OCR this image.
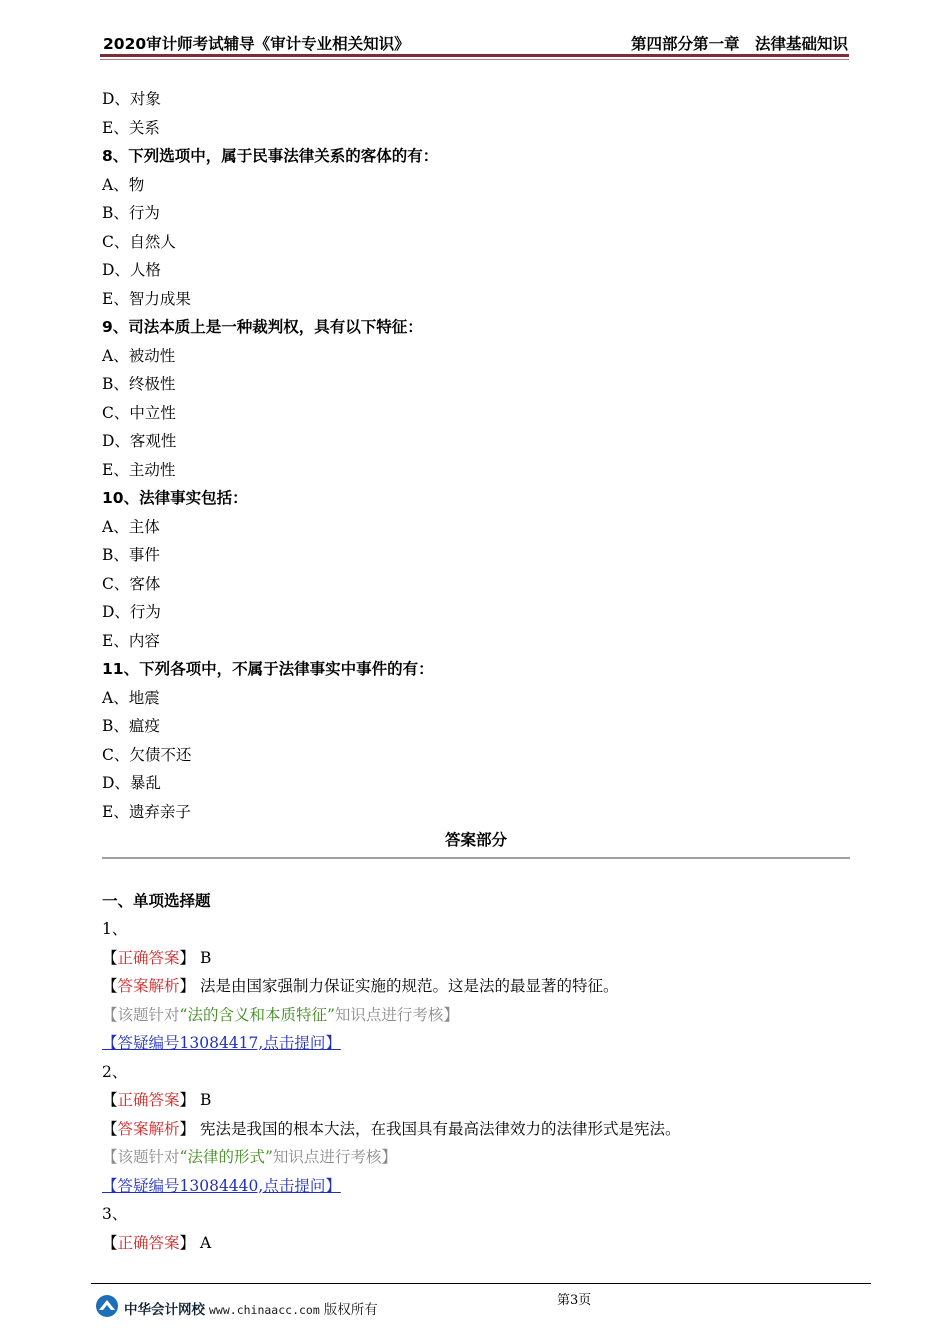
2020审计师考试辅导《审计专业相关知识》	第四部分第一章　法律基础知识
D、对象
E、关系
8、下列选项中，属于民事法律关系的客体的有：
A、物
B、行为
C、自然人
D、人格
E、智力成果
9、司法本质上是一种裁判权，具有以下特征：
A、被动性
B、终极性
C、中立性
D、客观性
E、主动性
10、法律事实包括：
A、主体
B、事件
C、客体
D、行为
E、内容
11、下列各项中，不属于法律事实中事件的有：
A、地震
B、瘟疫
C、欠债不还
D、暴乱
E、遗弃亲子
答案部分
一、单项选择题
1、
【正确答案】 B
【答案解析】 法是由国家强制力保证实施的规范。这是法的最显著的特征。
【该题针对“法的含义和本质特征”知识点进行考核】
【答疑编号13084417,点击提问】
2、
【正确答案】 B
【答案解析】 宪法是我国的根本大法，在我国具有最高法律效力的法律形式是宪法。
【该题针对“法律的形式”知识点进行考核】
【答疑编号13084440,点击提问】
3、
【正确答案】 A
中华会计网校 www.chinaacc.com 版权所有
第3页
